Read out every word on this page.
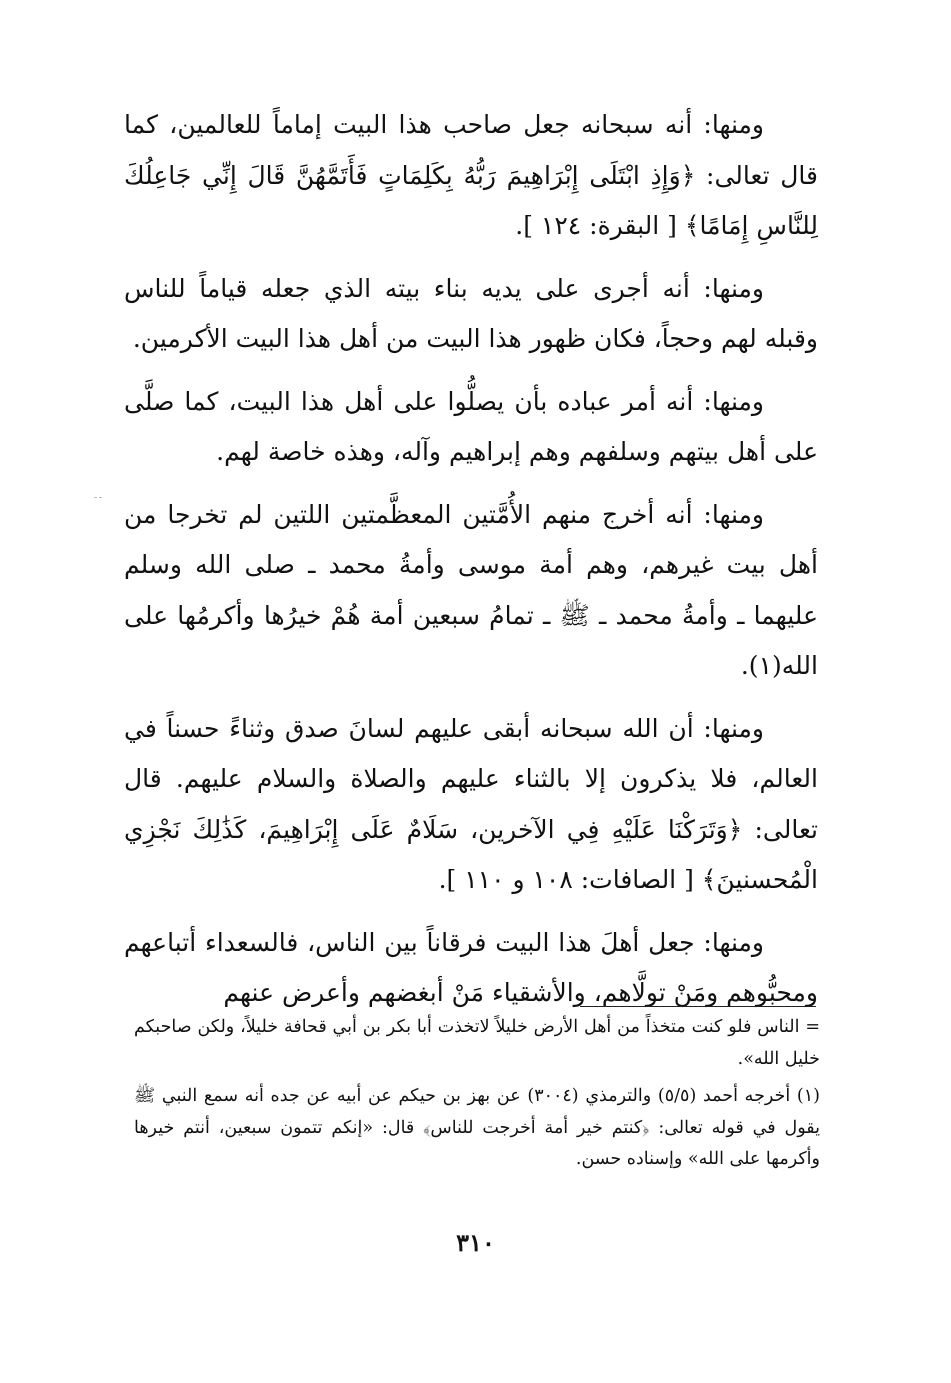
ومنها: أنه سبحانه جعل صاحب هذا البيت إماماً للعالمين، كما قال تعالى: ﴿وَإِذِ ابْتَلَى إِبْرَاهِيمَ رَبُّهُ بِكَلِمَاتٍ فَأَتَمَّهُنَّ قَالَ إِنِّي جَاعِلُكَ لِلنَّاسِ إِمَامًا﴾ [ البقرة: ١٢٤ ].

ومنها: أنه أجرى على يديه بناء بيته الذي جعله قياماً للناس وقبله لهم وحجاً، فكان ظهور هذا البيت من أهل هذا البيت الأكرمين.

ومنها: أنه أمر عباده بأن يصلُّوا على أهل هذا البيت، كما صلَّى على أهل بيتهم وسلفهم وهم إبراهيم وآله، وهذه خاصة لهم.

ومنها: أنه أخرج منهم الأُمَّتين المعظَّمتين اللتين لم تخرجا من أهل بيت غيرهم، وهم أمة موسى وأمةُ محمد ـ صلى الله وسلم عليهما ـ وأمةُ محمد ـ ﷺ ـ تمامُ سبعين أمة هُمْ خيرُها وأكرمُها على الله(١).

ومنها: أن الله سبحانه أبقى عليهم لسانَ صدق وثناءً حسناً في العالم، فلا يذكرون إلا بالثناء عليهم والصلاة والسلام عليهم. قال تعالى: ﴿وَتَرَكْنَا عَلَيْهِ فِي الآخرين، سَلَامٌ عَلَى إِبْرَاهِيمَ، كَذَٰلِكَ نَجْزِي الْمُحسنينَ﴾ [ الصافات: ١٠٨ و ١١٠ ].

ومنها: جعل أهلَ هذا البيت فرقاناً بين الناس، فالسعداء أتباعهم ومحبُّوهم ومَنْ تولَّاهم، والأشقياء مَنْ أبغضهم وأعرض عنهم

= الناس فلو كنت متخذاً من أهل الأرض خليلاً لاتخذت أبا بكر بن أبي قحافة خليلاً، ولكن صاحبكم خليل الله».

(١) أخرجه أحمد (٥/٥) والترمذي (٣٠٠٤) عن بهز بن حيكم عن أبيه عن جده أنه سمع النبي ﷺ يقول في قوله تعالى: ﴿كنتم خير أمة أخرجت للناس﴾ قال: «إنكم تتمون سبعين، أنتم خيرها وأكرمها على الله» وإسناده حسن.

٣١٠
